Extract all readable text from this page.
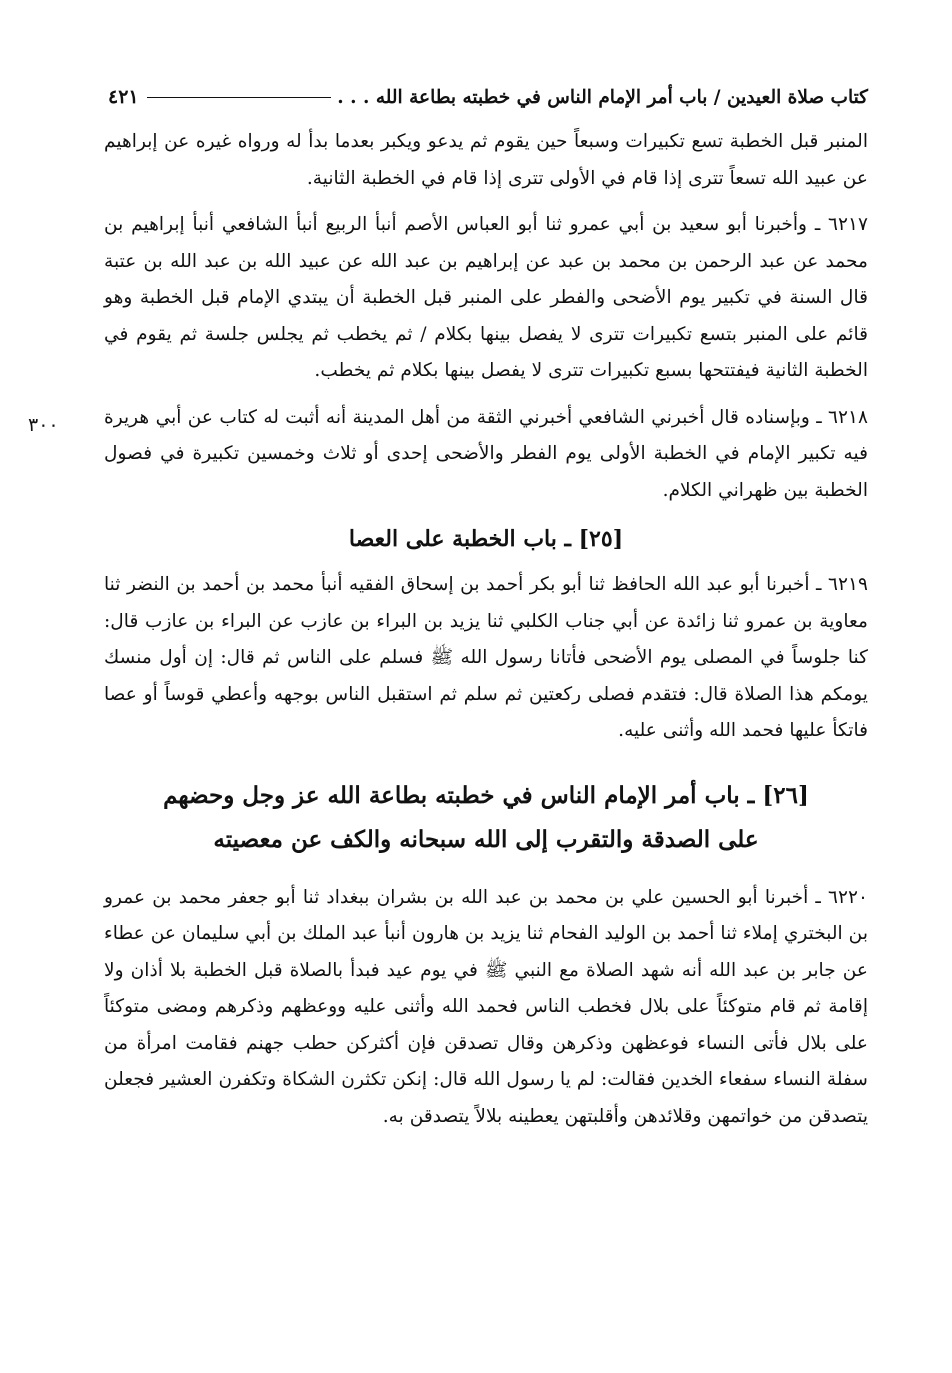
٤٢١	كتاب صلاة العيدين / باب أمر الإمام الناس في خطبته بطاعة الله . . .
٣٠٠

المنبر قبل الخطبة تسع تكبيرات وسبعاً حين يقوم ثم يدعو ويكبر بعدما بدأ له ورواه غيره عن إبراهيم عن عبيد الله تسعاً تترى إذا قام في الأولى تترى إذا قام في الخطبة الثانية.

٦٢١٧ ـ وأخبرنا أبو سعيد بن أبي عمرو ثنا أبو العباس الأصم أنبأ الربيع أنبأ الشافعي أنبأ إبراهيم بن محمد عن عبد الرحمن بن محمد بن عبد عن إبراهيم بن عبد الله عن عبيد الله بن عبد الله بن عتبة قال السنة في تكبير يوم الأضحى والفطر على المنبر قبل الخطبة أن يبتدي الإمام قبل الخطبة وهو قائم على المنبر بتسع تكبيرات تترى لا يفصل بينها بكلام / ثم يخطب ثم يجلس جلسة ثم يقوم في الخطبة الثانية فيفتتحها بسبع تكبيرات تترى لا يفصل بينها بكلام ثم يخطب.

٦٢١٨ ـ وبإسناده قال أخبرني الشافعي أخبرني الثقة من أهل المدينة أنه أثبت له كتاب عن أبي هريرة فيه تكبير الإمام في الخطبة الأولى يوم الفطر والأضحى إحدى أو ثلاث وخمسين تكبيرة في فصول الخطبة بين ظهراني الكلام.

[٢٥] ـ باب الخطبة على العصا

٦٢١٩ ـ أخبرنا أبو عبد الله الحافظ ثنا أبو بكر أحمد بن إسحاق الفقيه أنبأ محمد بن أحمد بن النضر ثنا معاوية بن عمرو ثنا زائدة عن أبي جناب الكلبي ثنا يزيد بن البراء بن عازب عن البراء بن عازب قال: كنا جلوساً في المصلى يوم الأضحى فأتانا رسول الله ﷺ فسلم على الناس ثم قال: إن أول منسك يومكم هذا الصلاة قال: فتقدم فصلى ركعتين ثم سلم ثم استقبل الناس بوجهه وأعطي قوساً أو عصا فاتكأ عليها فحمد الله وأثنى عليه.

[٢٦] ـ باب أمر الإمام الناس في خطبته بطاعة الله عز وجل وحضهم
على الصدقة والتقرب إلى الله سبحانه والكف عن معصيته

٦٢٢٠ ـ أخبرنا أبو الحسين علي بن محمد بن عبد الله بن بشران ببغداد ثنا أبو جعفر محمد بن عمرو بن البختري إملاء ثنا أحمد بن الوليد الفحام ثنا يزيد بن هارون أنبأ عبد الملك بن أبي سليمان عن عطاء عن جابر بن عبد الله أنه شهد الصلاة مع النبي ﷺ في يوم عيد فبدأ بالصلاة قبل الخطبة بلا أذان ولا إقامة ثم قام متوكئاً على بلال فخطب الناس فحمد الله وأثنى عليه ووعظهم وذكرهم ومضى متوكئاً على بلال فأتى النساء فوعظهن وذكرهن وقال تصدقن فإن أكثركن حطب جهنم فقامت امرأة من سفلة النساء سفعاء الخدين فقالت: لم يا رسول الله قال: إنكن تكثرن الشكاة وتكفرن العشير فجعلن يتصدقن من خواتمهن وقلائدهن وأقلبتهن يعطينه بلالاً يتصدقن به.
